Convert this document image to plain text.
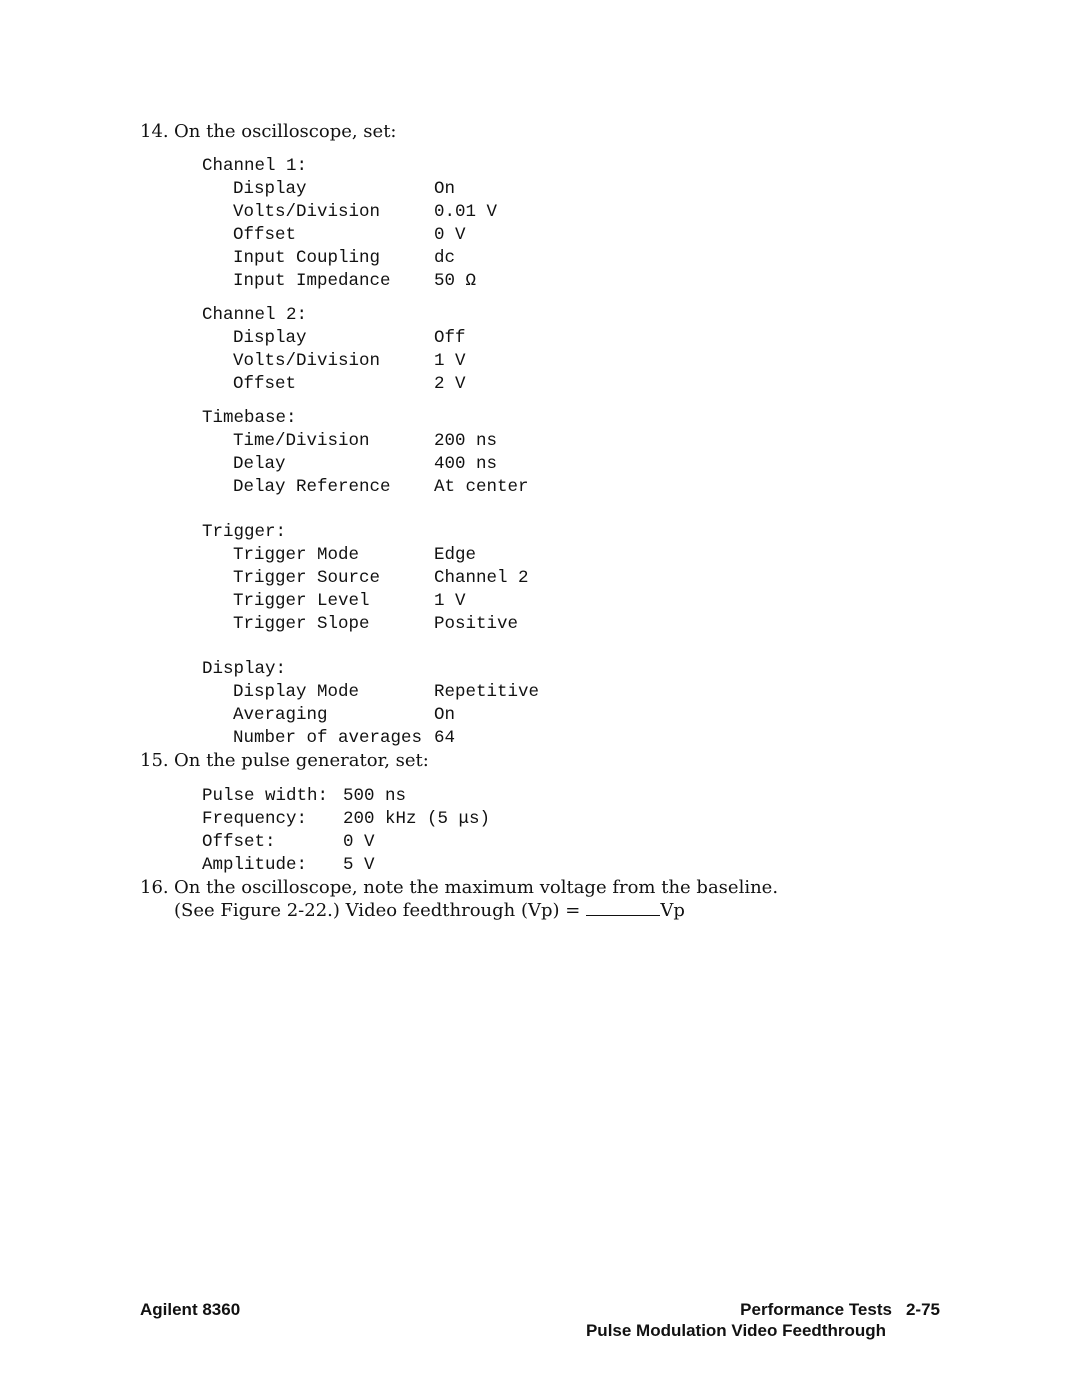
14. On the oscilloscope, set:
Channel 1:
Display	On
Volts/Division	0.01 V
Offset	0 V
Input Coupling	dc
Input Impedance 50 Ω
Channel 2:
Display	Off
Volts/Division	1 V
Offset	2 V
Timebase:
Time/Division	200 ns
Delay	400 ns
Delay Reference At center
Trigger:
Trigger Mode	Edge
Trigger Source	Channel 2
Trigger Level	1 V
Trigger Slope	Positive
Display:
Display Mode	Repetitive
Averaging	On
Number of averages 64
15. On the pulse generator, set:
Pulse width: 500 ns
Frequency: 200 kHz (5 μs)
Offset:	0 V
Amplitude: 5 V
16. On the oscilloscope, note the maximum voltage from the baseline.
(See Figure 2-22.) Video feedthrough (Vp) =	Vp
Agilent 8360	Performance Tests 2-75
Pulse Modulation Video Feedthrough
